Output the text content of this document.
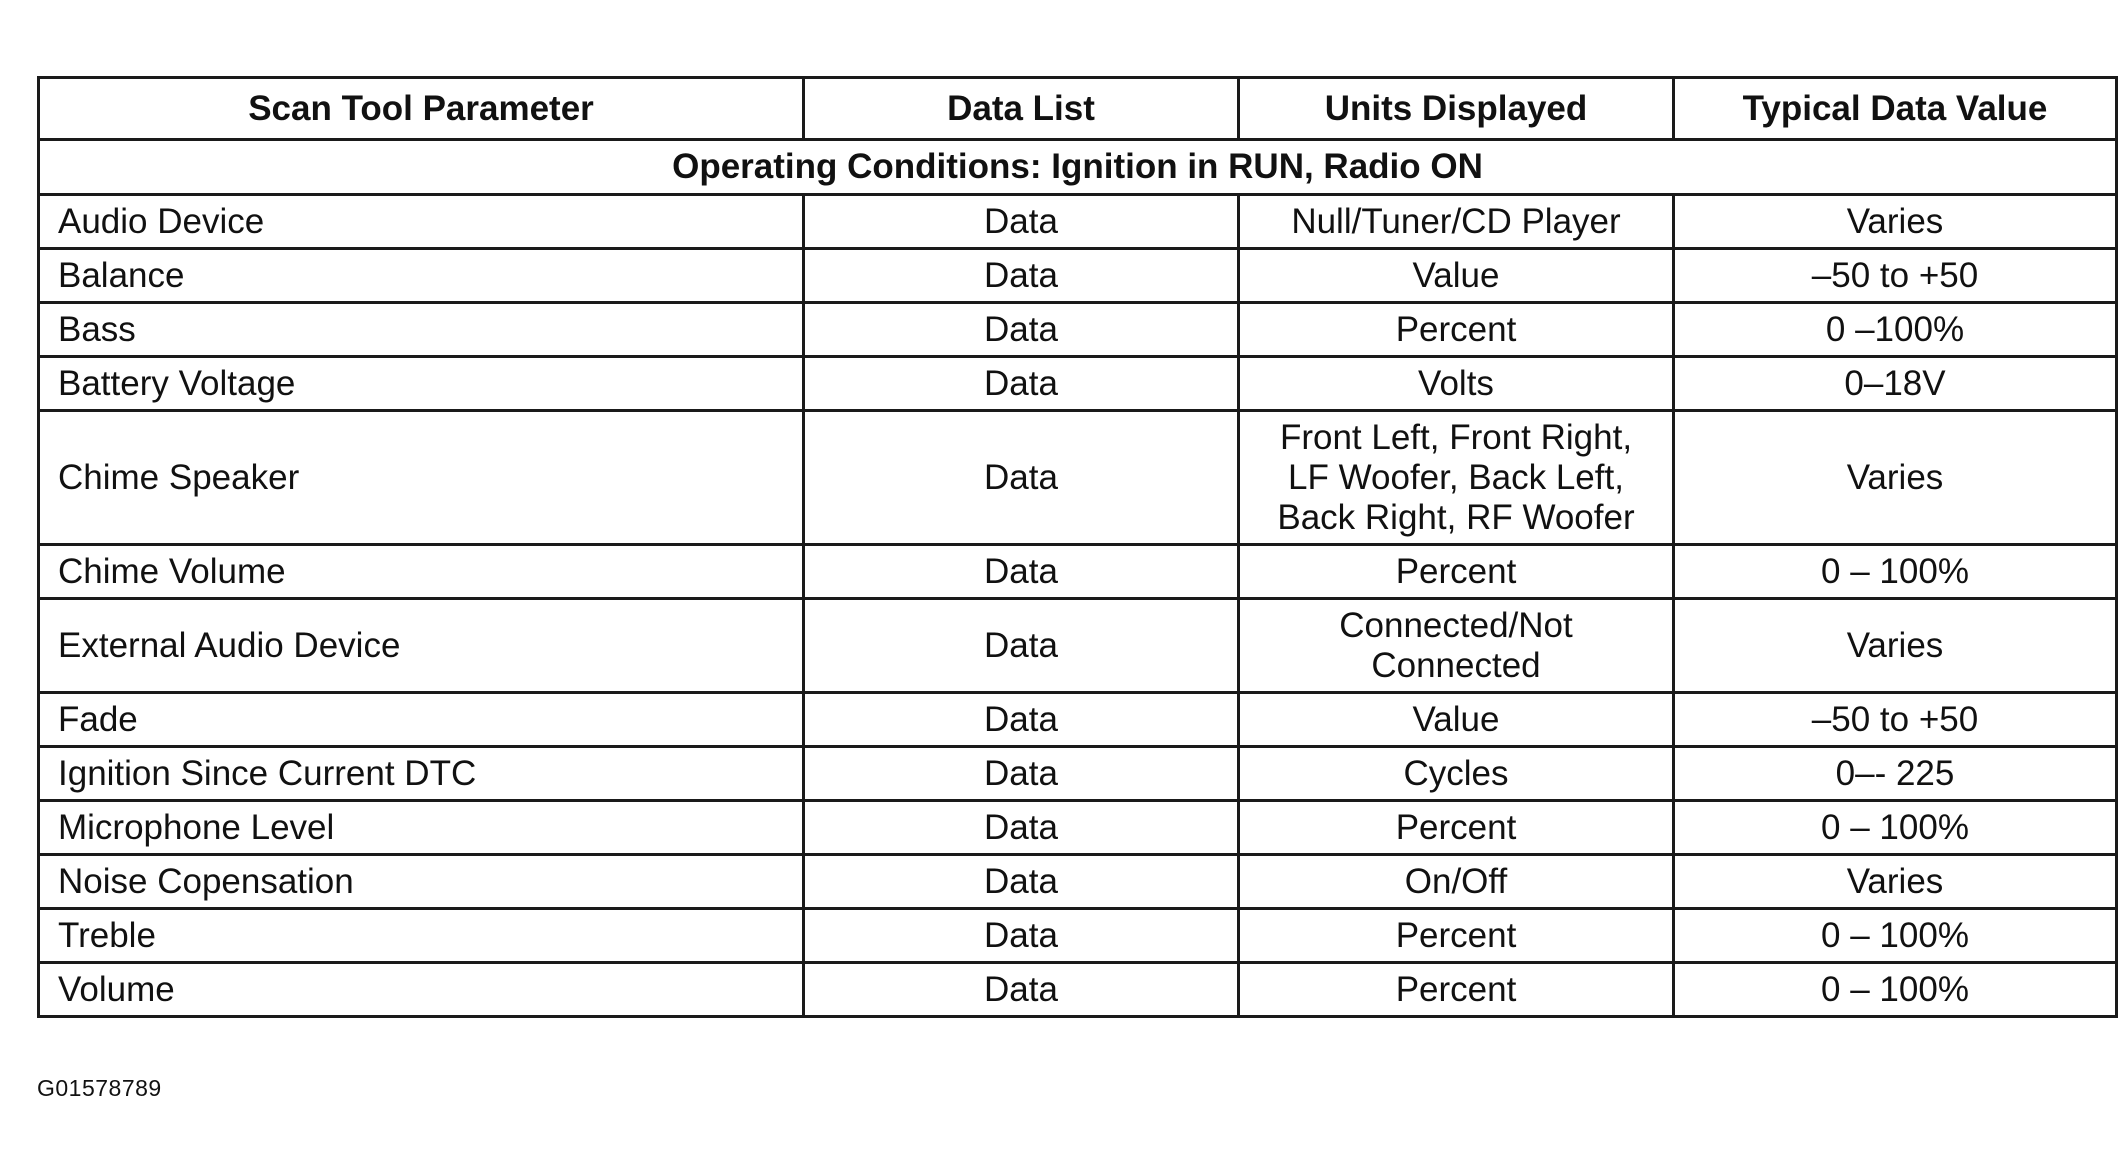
Scan Tool Parameter	Data List	Units Displayed	Typical Data Value
Operating Conditions: Ignition in RUN, Radio ON			
Audio Device	Data	Null/Tuner/CD Player	Varies
Balance	Data	Value	–50 to +50
Bass	Data	Percent	0 –100%
Battery Voltage	Data	Volts	0–18V
Chime Speaker	Data	Front Left, Front Right,
LF Woofer, Back Left,
Back Right, RF Woofer	Varies
Chime Volume	Data	Percent	0 – 100%
External Audio Device	Data	Connected/Not
Connected	Varies
Fade	Data	Value	–50 to +50
Ignition Since Current DTC	Data	Cycles	0–- 225
Microphone Level	Data	Percent	0 – 100%
Noise Copensation	Data	On/Off	Varies
Treble	Data	Percent	0 – 100%
Volume	Data	Percent	0 – 100%
G01578789
